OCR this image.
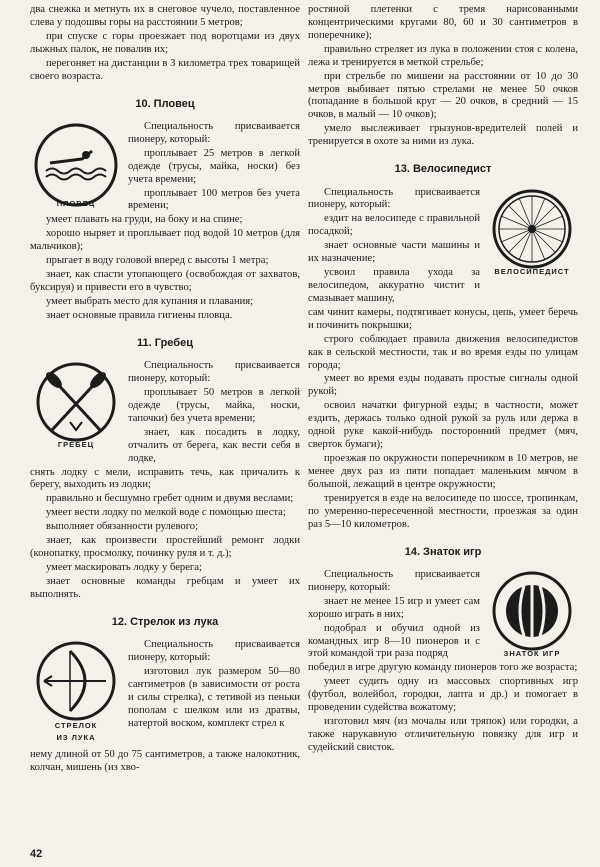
два снежка и метнуть их в снеговое чучело, поставленное слева у подошвы горы на расстоянии 5 метров;

при спуске с горы проезжает под воротцами из двух лыжных палок, не повалив их;

перегоняет на дистанции в 3 километра трех товарищей своего возраста.

10. Пловец
ПЛОВЕЦ

Специальность присваивается пионеру, который:

проплывает 25 метров в легкой одежде (трусы, майка, носки) без учета времени;

проплывает 100 метров без учета времени;

умеет плавать на груди, на боку и на спине;

хорошо ныряет и проплывает под водой 10 метров (для мальчиков);

прыгает в воду головой вперед с высоты 1 метра;

знает, как спасти утопающего (освобождая от захватов, буксируя) и привести его в чувство;

умеет выбрать место для купания и плавания;

знает основные правила гигиены пловца.

11. Гребец
ГРЕБЕЦ

Специальность присваивается пионеру, который:

проплывает 50 метров в легкой одежде (трусы, майка, носки, тапочки) без учета времени;

знает, как посадить в лодку, отчалить от берега, как вести себя в лодке,

снять лодку с мели, исправить течь, как причалить к берегу, выходить из лодки;

правильно и бесшумно гребет одним и двумя веслами;

умеет вести лодку по мелкой воде с помощью шеста;

выполняет обязанности рулевого;

знает, как произвести простейший ремонт лодки (конопатку, просмолку, починку руля и т. д.);

умеет маскировать лодку у берега;

знает основные команды гребцам и умеет их выполнять.

12. Стрелок из лука
СТРЕЛОК
ИЗ ЛУКА

Специальность присваивается пионеру, который:

изготовил лук размером 50—80 сантиметров (в зависимости от роста и силы стрелка), с тетивой из пеньки пополам с шелком или из дратвы, натертой воском, комплект стрел к

нему длиной от 50 до 75 сантиметров, а также налокотник, колчан, мишень (из хво-

ростяной плетенки с тремя нарисованными концентрическими кругами 80, 60 и 30 сантиметров в поперечнике);

правильно стреляет из лука в положении стоя с колена, лежа и тренируется в меткой стрельбе;

при стрельбе по мишени на расстоянии от 10 до 30 метров выбивает пятью стрелами не менее 50 очков (попадание в большой круг — 20 очков, в средний — 15 очков, в малый — 10 очков);

умело выслеживает грызунов-вредителей полей и тренируется в охоте за ними из лука.

13. Велосипедист
ВЕЛОСИПЕДИСТ

Специальность присваивается пионеру, который:

ездит на велосипеде с правильной посадкой;

знает основные части машины и их назначение;

усвоил правила ухода за велосипедом, аккуратно чистит и смазывает машину,

сам чинит камеры, подтягивает конусы, цепь, умеет беречь и починить покрышки;

строго соблюдает правила движения велосипедистов как в сельской местности, так и во время езды по улицам города;

умеет во время езды подавать простые сигналы одной рукой;

освоил начатки фигурной езды; в частности, может ездить, держась только одной рукой за руль или держа в одной руке какой-нибудь посторонний предмет (мяч, сверток бумаги);

проезжая по окружности поперечником в 10 метров, не менее двух раз из пяти попадает маленьким мячом в большой, лежащий в центре окружности;

тренируется в езде на велосипеде по шоссе, тропинкам, по умеренно-пересеченной местности, проезжая за один раз 5—10 километров.

14. Знаток игр
ЗНАТОК ИГР

Специальность присваивается пионеру, который:

знает не менее 15 игр и умеет сам хорошо играть в них;

подобрал и обучил одной из командных игр 8—10 пионеров и с этой командой три раза подряд

победил в игре другую команду пионеров того же возраста;

умеет судить одну из массовых спортивных игр (футбол, волейбол, городки, лапта и др.) и помогает в проведении судейства вожатому;

изготовил мяч (из мочалы или тряпок) или городки, а также нарукавную отличительную повязку для игр и судейский свисток.

42
